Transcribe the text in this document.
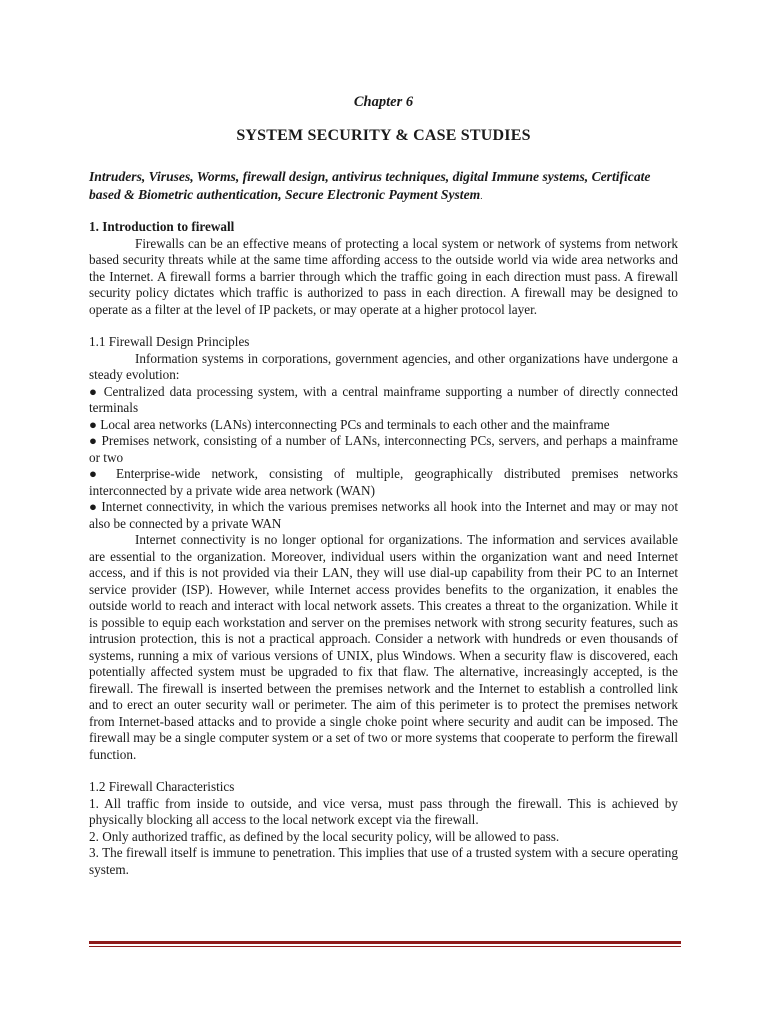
Chapter 6
SYSTEM SECURITY & CASE STUDIES
Intruders, Viruses, Worms, firewall design, antivirus techniques, digital Immune systems, Certificate based & Biometric authentication, Secure Electronic Payment System.

1. Introduction to firewall

Firewalls can be an effective means of protecting a local system or network of systems from network based security threats while at the same time affording access to the outside world via wide area networks and the Internet. A firewall forms a barrier through which the traffic going in each direction must pass. A firewall security policy dictates which traffic is authorized to pass in each direction. A firewall may be designed to operate as a filter at the level of IP packets, or may operate at a higher protocol layer.

1.1 Firewall Design Principles

Information systems in corporations, government agencies, and other organizations have undergone a steady evolution:

● Centralized data processing system, with a central mainframe supporting a number of directly connected terminals

● Local area networks (LANs) interconnecting PCs and terminals to each other and the mainframe

● Premises network, consisting of a number of LANs, interconnecting PCs, servers, and perhaps a mainframe or two

● Enterprise-wide network, consisting of multiple, geographically distributed premises networks interconnected by a private wide area network (WAN)

● Internet connectivity, in which the various premises networks all hook into the Internet and may or may not also be connected by a private WAN

Internet connectivity is no longer optional for organizations. The information and services available are essential to the organization. Moreover, individual users within the organization want and need Internet access, and if this is not provided via their LAN, they will use dial-up capability from their PC to an Internet service provider (ISP). However, while Internet access provides benefits to the organization, it enables the outside world to reach and interact with local network assets. This creates a threat to the organization. While it is possible to equip each workstation and server on the premises network with strong security features, such as intrusion protection, this is not a practical approach. Consider a network with hundreds or even thousands of systems, running a mix of various versions of UNIX, plus Windows. When a security flaw is discovered, each potentially affected system must be upgraded to fix that flaw. The alternative, increasingly accepted, is the firewall. The firewall is inserted between the premises network and the Internet to establish a controlled link and to erect an outer security wall or perimeter. The aim of this perimeter is to protect the premises network from Internet-based attacks and to provide a single choke point where security and audit can be imposed. The firewall may be a single computer system or a set of two or more systems that cooperate to perform the firewall function.

1.2 Firewall Characteristics

1. All traffic from inside to outside, and vice versa, must pass through the firewall. This is achieved by physically blocking all access to the local network except via the firewall.

2. Only authorized traffic, as defined by the local security policy, will be allowed to pass.

3. The firewall itself is immune to penetration. This implies that use of a trusted system with a secure operating system.
